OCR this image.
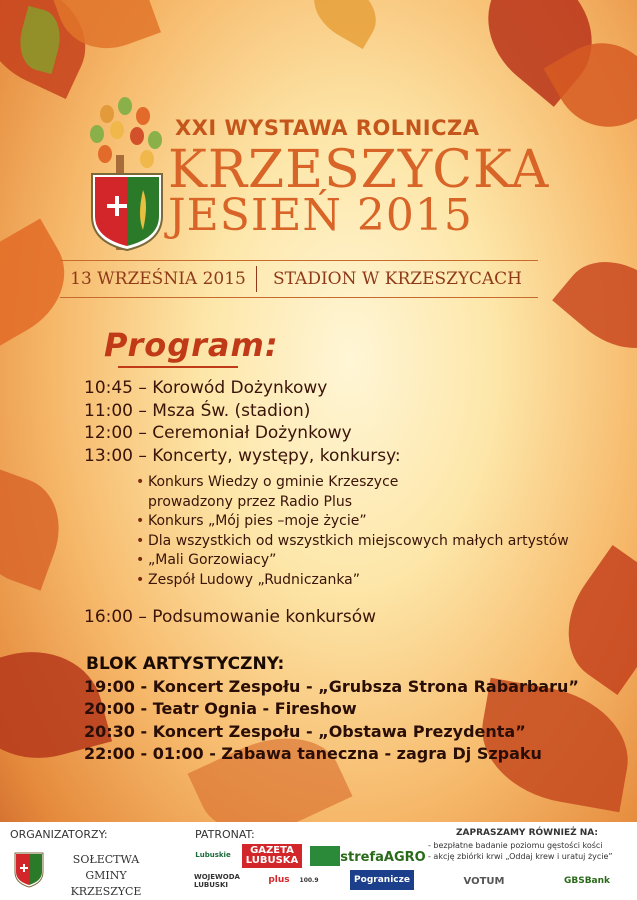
XXI WYSTAWA ROLNICZA
KRZESZYCKA
JESIEŃ 2015
13 WRZEŚNIA 2015	STADION W KRZESZYCACH
Program:
10:45 – Korowód Dożynkowy
11:00 – Msza Św. (stadion)
12:00 – Ceremoniał Dożynkowy
13:00 – Koncerty, występy, konkursy:
• Konkurs Wiedzy o gminie Krzeszyce
prowadzony przez Radio Plus
• Konkurs „Mój pies –moje życie”
• Dla wszystkich od wszystkich miejscowych małych artystów
• „Mali Gorzowiacy”
• Zespół Ludowy „Rudniczanka”
16:00 – Podsumowanie konkursów
BLOK ARTYSTYCZNY:
19:00 - Koncert Zespołu - „Grubsza Strona Rabarbaru”
20:00 - Teatr Ognia - Fireshow
20:30 - Koncert Zespołu - „Obstawa Prezydenta”
22:00 - 01:00 - Zabawa taneczna - zagra Dj Szpaku
ORGANIZATORZY:
SOŁECTWA
GMINY KRZESZYCE
PATRONAT:
Lubuskie	GAZETA
LUBUSKA	strefaAGRO
WOJEWODA LUBUSKI	plus	100.9	Pogranicze
ZAPRASZAMY RÓWNIEŻ NA:
- bezpłatne badanie poziomu gęstości kości
- akcję zbiórki krwi „Oddaj krew i uratuj życie”
VOTUM	GBSBank
